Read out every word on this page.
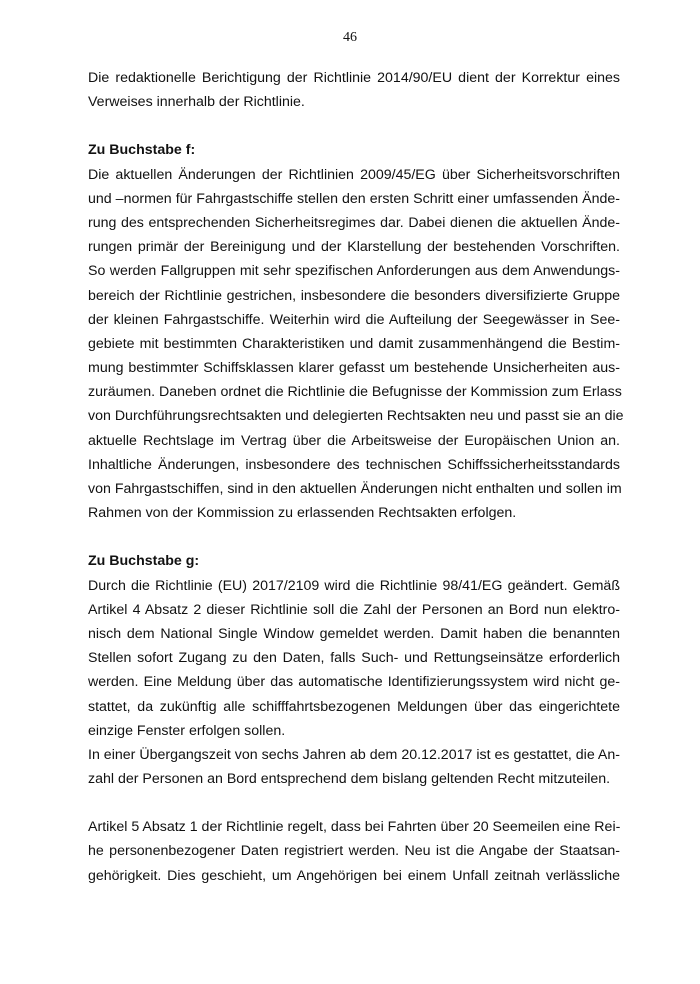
46
Die redaktionelle Berichtigung der Richtlinie 2014/90/EU dient der Korrektur eines
Verweises innerhalb der Richtlinie.
Zu Buchstabe f:
Die aktuellen Änderungen der Richtlinien 2009/45/EG über Sicherheitsvorschriften
und –normen für Fahrgastschiffe stellen den ersten Schritt einer umfassenden Ände-
rung des entsprechenden Sicherheitsregimes dar. Dabei dienen die aktuellen Ände-
rungen primär der Bereinigung und der Klarstellung der bestehenden Vorschriften.
So werden Fallgruppen mit sehr spezifischen Anforderungen aus dem Anwendungs-
bereich der Richtlinie gestrichen, insbesondere die besonders diversifizierte Gruppe
der kleinen Fahrgastschiffe. Weiterhin wird die Aufteilung der Seegewässer in See-
gebiete mit bestimmten Charakteristiken und damit zusammenhängend die Bestim-
mung bestimmter Schiffsklassen klarer gefasst um bestehende Unsicherheiten aus-
zuräumen. Daneben ordnet die Richtlinie die Befugnisse der Kommission zum Erlass
von Durchführungsrechtsakten und delegierten Rechtsakten neu und passt sie an die
aktuelle Rechtslage im Vertrag über die Arbeitsweise der Europäischen Union an.
Inhaltliche Änderungen, insbesondere des technischen Schiffssicherheitsstandards
von Fahrgastschiffen, sind in den aktuellen Änderungen nicht enthalten und sollen im
Rahmen von der Kommission zu erlassenden Rechtsakten erfolgen.
Zu Buchstabe g:
Durch die Richtlinie (EU) 2017/2109 wird die Richtlinie 98/41/EG geändert. Gemäß
Artikel 4 Absatz 2 dieser Richtlinie soll die Zahl der Personen an Bord nun elektro-
nisch dem National Single Window gemeldet werden. Damit haben die benannten
Stellen sofort Zugang zu den Daten, falls Such- und Rettungseinsätze erforderlich
werden. Eine Meldung über das automatische Identifizierungssystem wird nicht ge-
stattet, da zukünftig alle schifffahrtsbezogenen Meldungen über das eingerichtete
einzige Fenster erfolgen sollen.
In einer Übergangszeit von sechs Jahren ab dem 20.12.2017 ist es gestattet, die An-
zahl der Personen an Bord entsprechend dem bislang geltenden Recht mitzuteilen.
Artikel 5 Absatz 1 der Richtlinie regelt, dass bei Fahrten über 20 Seemeilen eine Rei-
he personenbezogener Daten registriert werden. Neu ist die Angabe der Staatsan-
gehörigkeit. Dies geschieht, um Angehörigen bei einem Unfall zeitnah verlässliche
